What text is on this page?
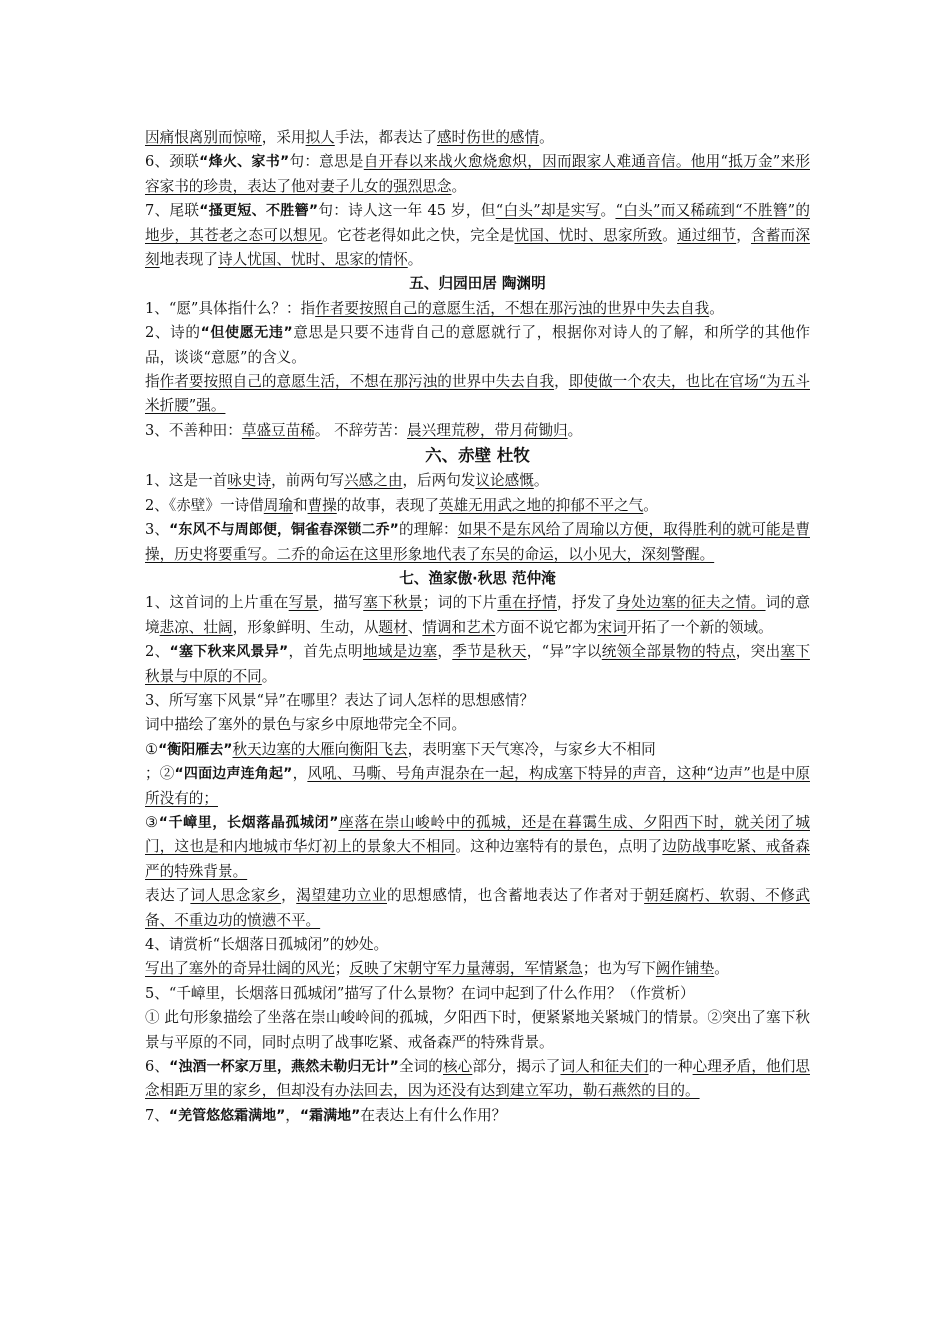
因痛恨离别而惊啼，采用拟人手法，都表达了感时伤世的感情。
6、颈联“烽火、家书”句：意思是自开春以来战火愈烧愈炽，因而跟家人难通音信。他用“抵万金”来形容家书的珍贵，表达了他对妻子儿女的强烈思念。
7、尾联“搔更短、不胜簪”句：诗人这一年 45 岁，但“白头”却是实写。“白头”而又稀疏到“不胜簪”的地步，其苍老之态可以想见。它苍老得如此之快，完全是忧国、忧时、思家所致。通过细节，含蓄而深刻地表现了诗人忧国、忧时、思家的情怀。
五、归园田居 陶渊明
1、“愿”具体指什么？：指作者要按照自己的意愿生活，不想在那污浊的世界中失去自我。
2、诗的“但使愿无违”意思是只要不违背自己的意愿就行了，根据你对诗人的了解，和所学的其他作品，谈谈“意愿”的含义。
指作者要按照自己的意愿生活，不想在那污浊的世界中失去自我，即使做一个农夫，也比在官场“为五斗米折腰”强。
3、不善种田：草盛豆苗稀。 不辞劳苦：晨兴理荒秽，带月荷锄归。
六、赤壁 杜牧
1、这是一首咏史诗，前两句写兴感之由，后两句发议论感慨。
2、《赤壁》一诗借周瑜和曹操的故事，表现了英雄无用武之地的抑郁不平之气。
3、“东风不与周郎便，铜雀春深锁二乔”的理解：如果不是东风给了周瑜以方便，取得胜利的就可能是曹操，历史将要重写。二乔的命运在这里形象地代表了东吴的命运，以小见大，深刻警醒。
七、渔家傲·秋思 范仲淹
1、这首词的上片重在写景，描写塞下秋景；词的下片重在抒情，抒发了身处边塞的征夫之情。词的意境悲凉、壮阔，形象鲜明、生动，从题材、情调和艺术方面不说它都为宋词开拓了一个新的领域。
2、“塞下秋来风景异”，首先点明地域是边塞，季节是秋天，“异”字以统领全部景物的特点，突出塞下秋景与中原的不同。
3、所写塞下风景“异”在哪里？表达了词人怎样的思想感情？
词中描绘了塞外的景色与家乡中原地带完全不同。
①“衡阳雁去”秋天边塞的大雁向衡阳飞去，表明塞下天气寒冷，与家乡大不相同
；②“四面边声连角起”，风吼、马嘶、号角声混杂在一起，构成塞下特异的声音，这种“边声”也是中原所没有的；
③“千嶂里，长烟落晶孤城闭”座落在崇山峻岭中的孤城，还是在暮霭生成、夕阳西下时，就关闭了城门，这也是和内地城市华灯初上的景象大不相同。这种边塞特有的景色，点明了边防战事吃紧、戒备森严的特殊背景。
表达了词人思念家乡，渴望建功立业的思想感情，也含蓄地表达了作者对于朝廷腐朽、软弱、不修武备、不重边功的愤懑不平。
4、请赏析“长烟落日孤城闭”的妙处。
写出了塞外的奇异壮阔的风光；反映了宋朝守军力量薄弱，军情紧急；也为写下阙作铺垫。
5、“千嶂里，长烟落日孤城闭”描写了什么景物？在词中起到了什么作用？（作赏析）
① 此句形象描绘了坐落在崇山峻岭间的孤城，夕阳西下时，便紧紧地关紧城门的情景。②突出了塞下秋景与平原的不同，同时点明了战事吃紧、戒备森严的特殊背景。
6、“浊酒一杯家万里，燕然未勒归无计”全词的核心部分，揭示了词人和征夫们的一种心理矛盾，他们思念相距万里的家乡，但却没有办法回去，因为还没有达到建立军功，勒石燕然的目的。
7、“羌管悠悠霜满地”，“霜满地”在表达上有什么作用？
